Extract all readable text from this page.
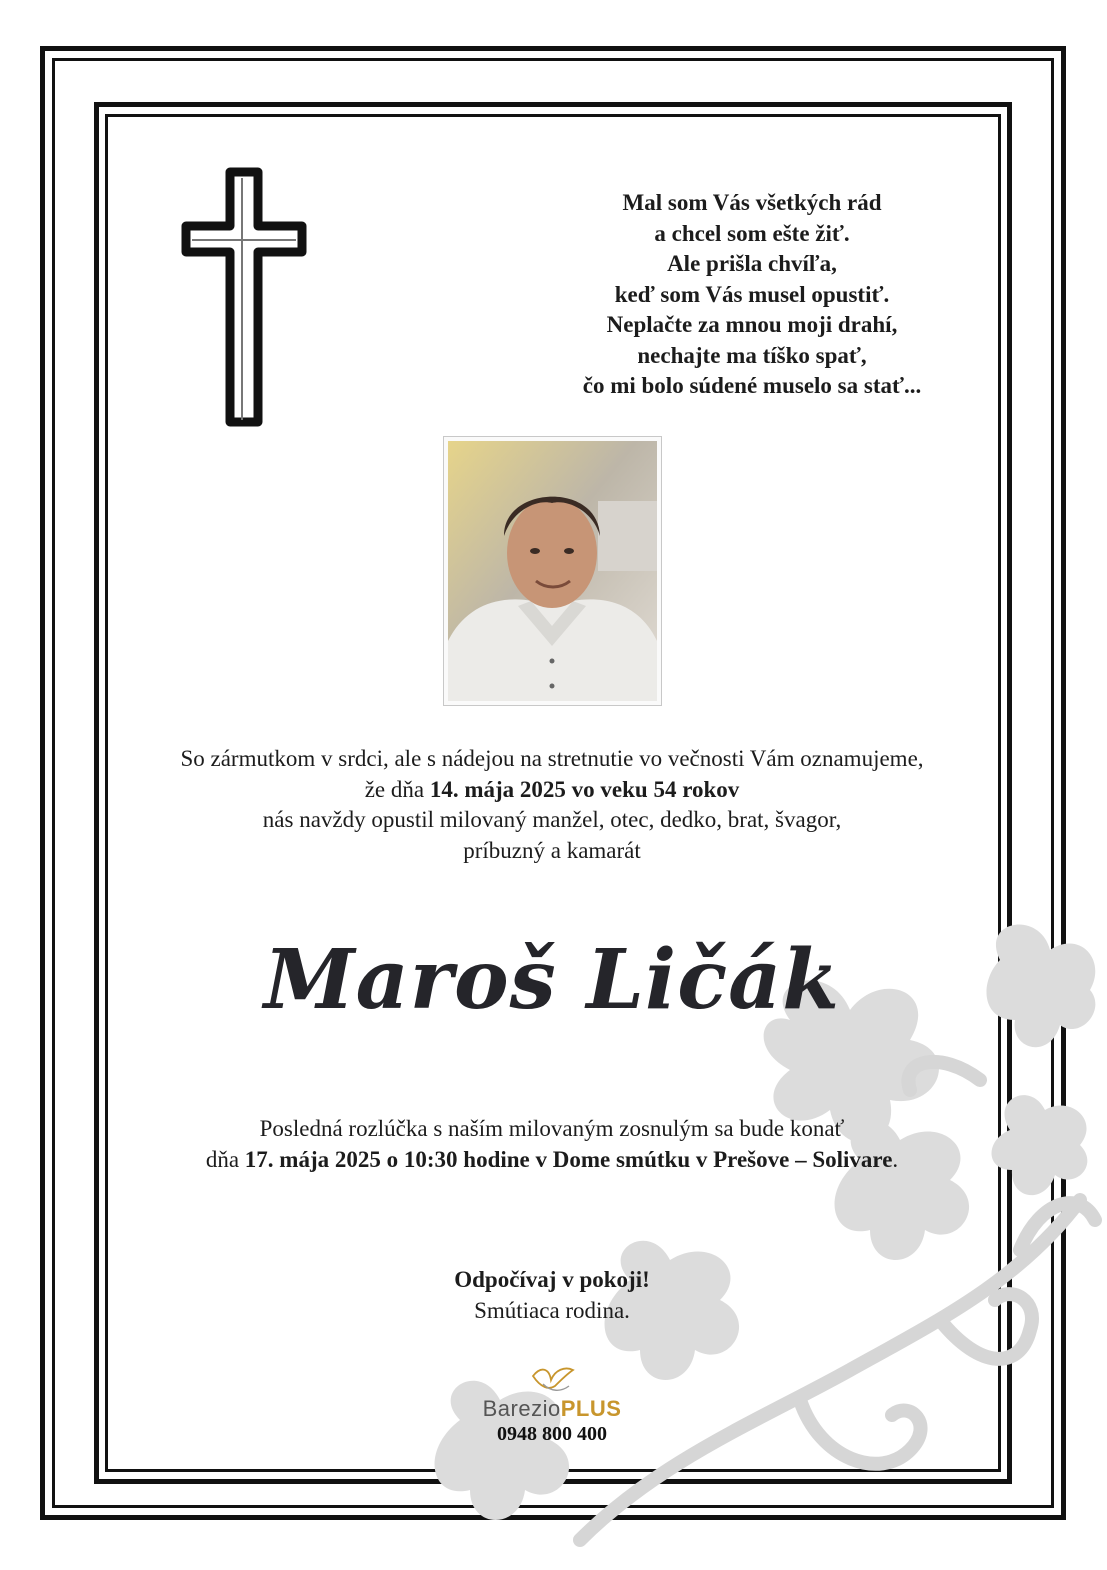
Mal som Vás všetkých rád
a chcel som ešte žiť.
Ale prišla chvíľa,
keď som Vás musel opustiť.
Neplačte za mnou moji drahí,
nechajte ma tíško spať,
čo mi bolo súdené muselo sa stať...
So zármutkom v srdci, ale s nádejou na stretnutie vo večnosti Vám oznamujeme,
že dňa 14. mája 2025 vo veku 54 rokov
nás navždy opustil milovaný manžel, otec, dedko, brat, švagor,
príbuzný a kamarát
Maroš Ličák
Posledná rozlúčka s naším milovaným zosnulým sa bude konať
dňa 17. mája 2025 o 10:30 hodine v Dome smútku v Prešove – Solivare.
Odpočívaj v pokoji!
Smútiaca rodina.
BarezioPLUS
0948 800 400
